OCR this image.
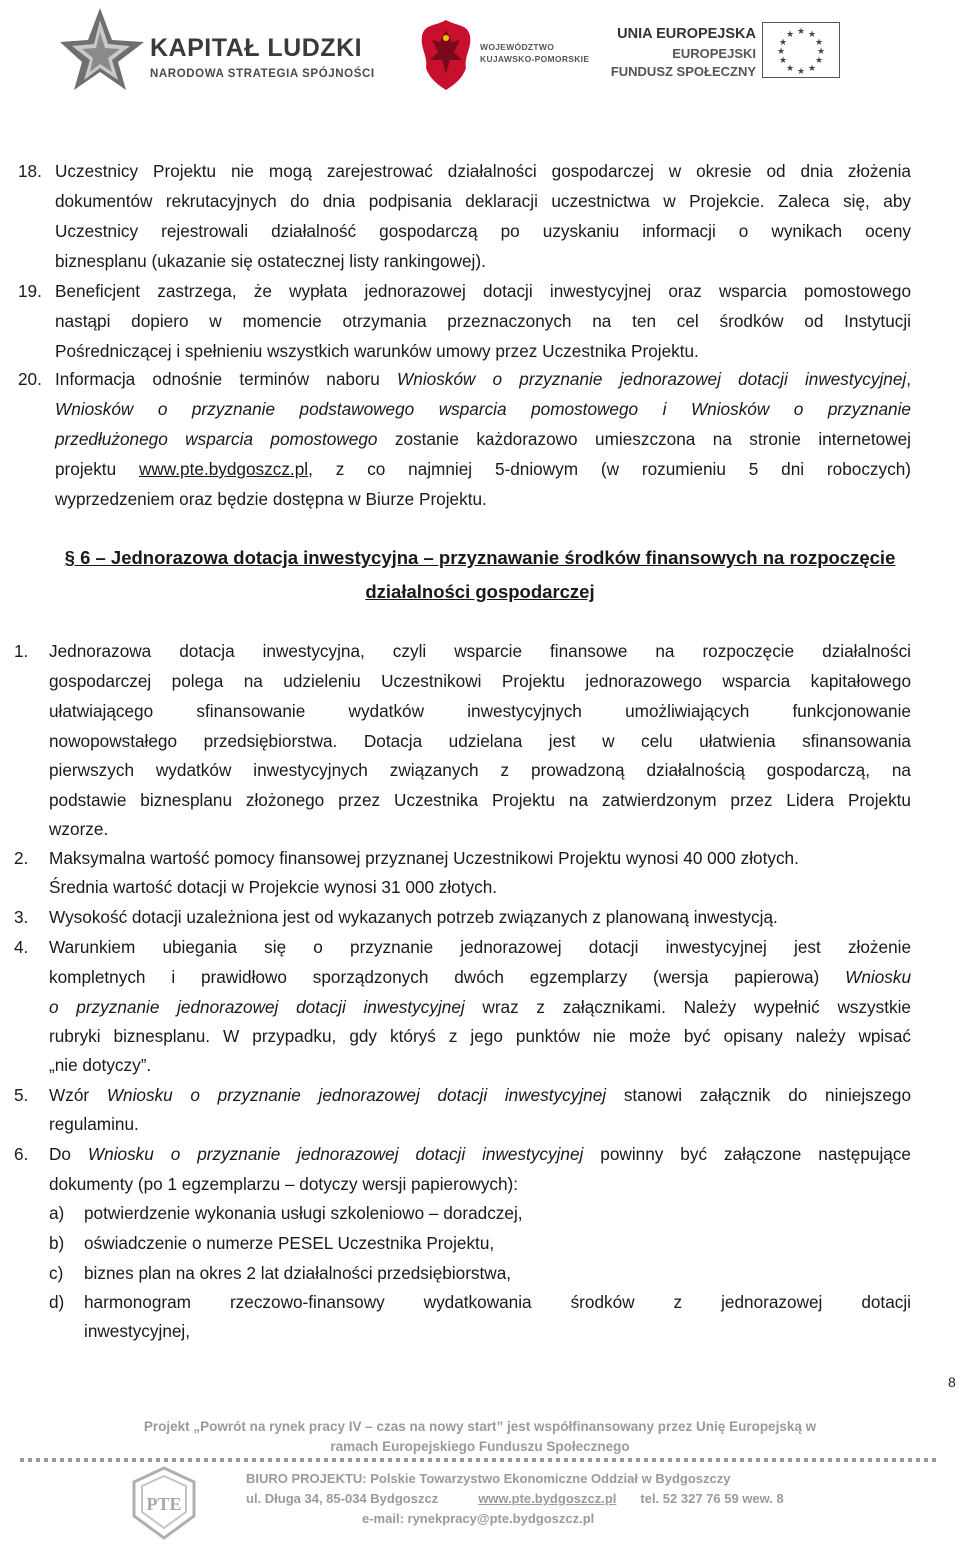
KAPITAŁ LUDZKI
NARODOWA STRATEGIA SPÓJNOŚCI
WOJEWÓDZTWO
KUJAWSKO-POMORSKIE
UNIA EUROPEJSKA
EUROPEJSKI
FUNDUSZ SPOŁECZNY
★ ★
★
★
★
★
★
★
★
★
★
★
18. Uczestnicy Projektu nie mogą zarejestrować działalności gospodarczej w okresie od dnia złożenia
dokumentów rekrutacyjnych do dnia podpisania deklaracji uczestnictwa w Projekcie. Zaleca się, aby
Uczestnicy rejestrowali działalność gospodarczą po uzyskaniu informacji o wynikach oceny
biznesplanu (ukazanie się ostatecznej listy rankingowej).
19. Beneficjent zastrzega, że wypłata jednorazowej dotacji inwestycyjnej oraz wsparcia pomostowego
nastąpi dopiero w momencie otrzymania przeznaczonych na ten cel środków od Instytucji
Pośredniczącej i spełnieniu wszystkich warunków umowy przez Uczestnika Projektu.
20. Informacja odnośnie terminów naboru Wniosków o przyznanie jednorazowej dotacji inwestycyjnej,
Wniosków o przyznanie podstawowego wsparcia pomostowego i Wniosków o przyznanie
przedłużonego wsparcia pomostowego zostanie każdorazowo umieszczona na stronie internetowej
projektu www.pte.bydgoszcz.pl, z co najmniej 5-dniowym (w rozumieniu 5 dni roboczych)
wyprzedzeniem oraz będzie dostępna w Biurze Projektu.
§ 6 – Jednorazowa dotacja inwestycyjna – przyznawanie środków finansowych na rozpoczęcie
działalności gospodarczej
1. Jednorazowa dotacja inwestycyjna, czyli wsparcie finansowe na rozpoczęcie działalności
gospodarczej polega na udzieleniu Uczestnikowi Projektu jednorazowego wsparcia kapitałowego
ułatwiającego sfinansowanie wydatków inwestycyjnych umożliwiających funkcjonowanie
nowopowstałego przedsiębiorstwa. Dotacja udzielana jest w celu ułatwienia sfinansowania
pierwszych wydatków inwestycyjnych związanych z prowadzoną działalnością gospodarczą, na
podstawie biznesplanu złożonego przez Uczestnika Projektu na zatwierdzonym przez Lidera Projektu
wzorze.
2. Maksymalna wartość pomocy finansowej przyznanej Uczestnikowi Projektu wynosi 40 000 złotych.
Średnia wartość dotacji w Projekcie wynosi 31 000 złotych.
3. Wysokość dotacji uzależniona jest od wykazanych potrzeb związanych z planowaną inwestycją.
4. Warunkiem ubiegania się o przyznanie jednorazowej dotacji inwestycyjnej jest złożenie
kompletnych i prawidłowo sporządzonych dwóch egzemplarzy (wersja papierowa) Wniosku
o przyznanie jednorazowej dotacji inwestycyjnej wraz z załącznikami. Należy wypełnić wszystkie
rubryki biznesplanu. W przypadku, gdy któryś z jego punktów nie może być opisany należy wpisać
„nie dotyczy”.
5. Wzór Wniosku o przyznanie jednorazowej dotacji inwestycyjnej stanowi załącznik do niniejszego
regulaminu.
6. Do Wniosku o przyznanie jednorazowej dotacji inwestycyjnej powinny być załączone następujące
dokumenty (po 1 egzemplarzu – dotyczy wersji papierowych):
a) potwierdzenie wykonania usługi szkoleniowo – doradczej,
b) oświadczenie o numerze PESEL Uczestnika Projektu,
c) biznes plan na okres 2 lat działalności przedsiębiorstwa,
d) harmonogram rzeczowo-finansowy wydatkowania środków z jednorazowej dotacji
inwestycyjnej,
8
Projekt „Powrót na rynek pracy IV – czas na nowy start” jest współfinansowany przez Unię Europejską w
ramach Europejskiego Funduszu Społecznego
PTE
BIURO PROJEKTU: Polskie Towarzystwo Ekonomiczne Oddział w Bydgoszczy
ul. Długa 34, 85-034 Bydgoszcz	www.pte.bydgoszcz.pl tel. 52 327 76 59 wew. 8
e-mail: rynekpracy@pte.bydgoszcz.pl
